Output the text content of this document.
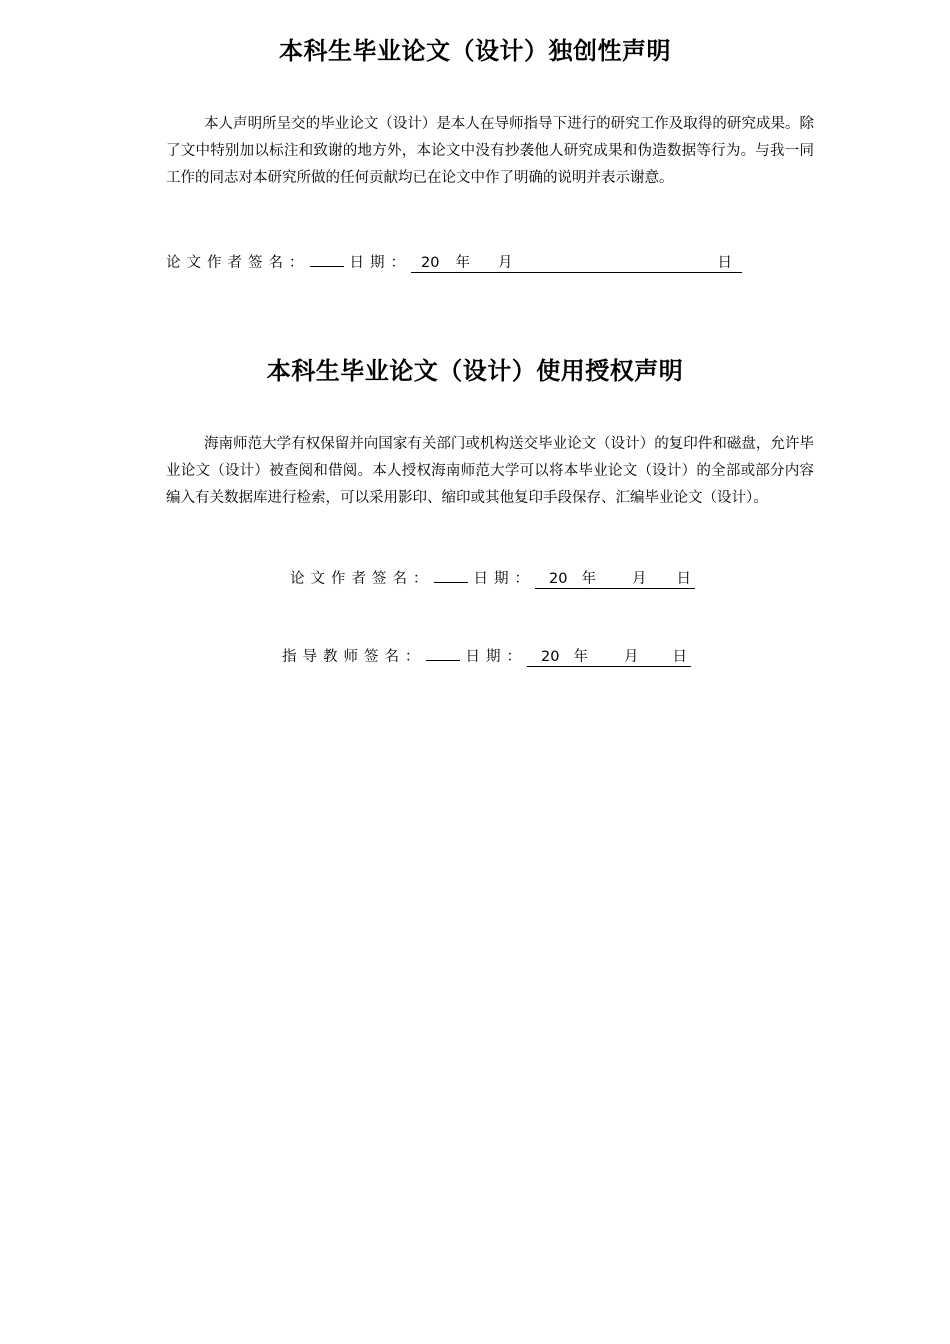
本科生毕业论文（设计）独创性声明
本人声明所呈交的毕业论文（设计）是本人在导师指导下进行的研究工作及取得的研究成果。除了文中特别加以标注和致谢的地方外，本论文中没有抄袭他人研究成果和伪造数据等行为。与我一同工作的同志对本研究所做的任何贡献均已在论文中作了明确的说明并表示谢意。
论文作者签名：	日期： 20 年 月	日
本科生毕业论文（设计）使用授权声明
海南师范大学有权保留并向国家有关部门或机构送交毕业论文（设计）的复印件和磁盘，允许毕业论文（设计）被查阅和借阅。本人授权海南师范大学可以将本毕业论文（设计）的全部或部分内容编入有关数据库进行检索，可以采用影印、缩印或其他复印手段保存、汇编毕业论文（设计）。
论文作者签名：	日期： 20 年 月 日
指导教师签名：	日期： 20 年 月 日
